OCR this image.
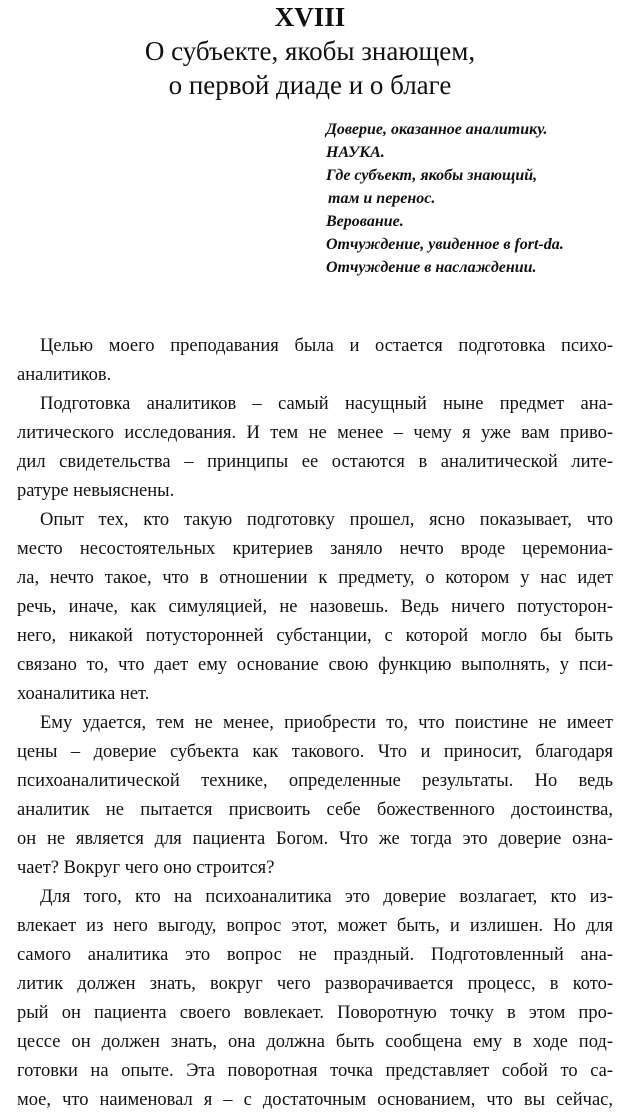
XVIII
О субъекте, якобы знающем,
о первой диаде и о благе
Доверие, оказанное аналитику.
НАУКА.
Где субъект, якобы знающий,
там и перенос.
Верование.
Отчуждение, увиденное в fort-da.
Отчуждение в наслаждении.
Целью моего преподавания была и остается подготовка психо-
аналитиков.
Подготовка аналитиков – самый насущный ныне предмет ана-
литического исследования. И тем не менее – чему я уже вам приво-
дил свидетельства – принципы ее остаются в аналитической лите-
ратуре невыяснены.
Опыт тех, кто такую подготовку прошел, ясно показывает, что
место несостоятельных критериев заняло нечто вроде церемониа-
ла, нечто такое, что в отношении к предмету, о котором у нас идет
речь, иначе, как симуляцией, не назовешь. Ведь ничего потусторон-
него, никакой потусторонней субстанции, с которой могло бы быть
связано то, что дает ему основание свою функцию выполнять, у пси-
хоаналитика нет.
Ему удается, тем не менее, приобрести то, что поистине не имеет
цены – доверие субъекта как такового. Что и приносит, благодаря
психоаналитической технике, определенные результаты. Но ведь
аналитик не пытается присвоить себе божественного достоинства,
он не является для пациента Богом. Что же тогда это доверие озна-
чает? Вокруг чего оно строится?
Для того, кто на психоаналитика это доверие возлагает, кто из-
влекает из него выгоду, вопрос этот, может быть, и излишен. Но для
самого аналитика это вопрос не праздный. Подготовленный ана-
литик должен знать, вокруг чего разворачивается процесс, в кото-
рый он пациента своего вовлекает. Поворотную точку в этом про-
цессе он должен знать, она должна быть сообщена ему в ходе под-
готовки на опыте. Эта поворотная точка представляет собой то са-
мое, что наименовал я – с достаточным основанием, что вы сейчас,
